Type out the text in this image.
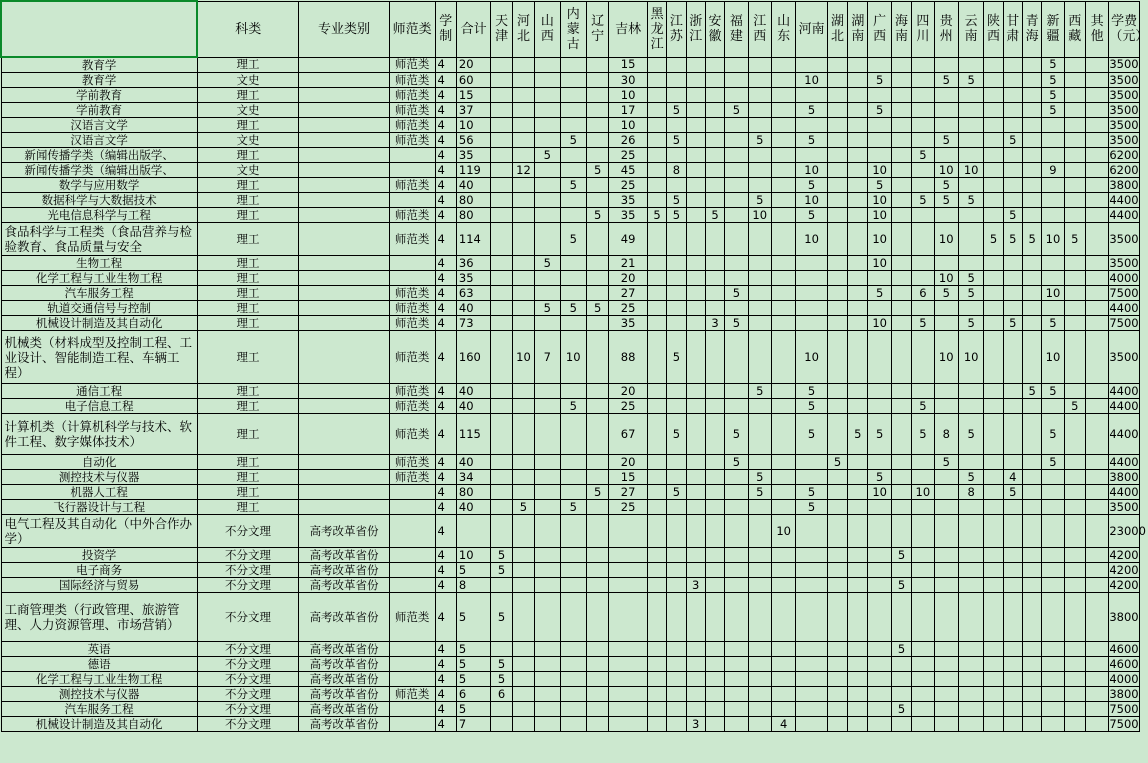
	科类	专业类别	师范类	学制	合计	天津	河北	山西	内蒙古	辽宁	吉林	黑龙江	江苏	浙江	安徽	福建	江西	山东	河南	湖北	湖南	广西	海南	四川	贵州	云南	陕西	甘肃	青海	新疆	西藏	其他	学费（元）
教育学	理工		师范类	4	20						15																			5			3500
教育学	文史		师范类	4	60						30								10			5			5	5				5			3500
学前教育	理工		师范类	4	15						10																			5			3500
学前教育	文史		师范类	4	37						17		5			5			5			5								5			3500
汉语言文学	理工		师范类	4	10						10																						3500
汉语言文学	文史		师范类	4	56				5		26		5				5		5						5			5					3500
新闻传播学类（编辑出版学、	理工			4	35			5			25													5									6200
新闻传播学类（编辑出版学、	文史			4	119		12			5	45		8						10			10			10	10				9			6200
数学与应用数学	理工		师范类	4	40				5		25								5			5			5								3800
数据科学与大数据技术	理工			4	80						35		5				5		10			10		5	5	5							4400
光电信息科学与工程	理工		师范类	4	80					5	35	5	5		5		10		5			10						5					4400
食品科学与工程类（食品营养与检验教育、食品质量与安全	理工		师范类	4	114				5		49								10			10			10		5	5	5	10	5		3500
生物工程	理工			4	36			5			21											10											3500
化学工程与工业生物工程	理工			4	35						20														10	5							4000
汽车服务工程	理工		师范类	4	63						27					5						5		6	5	5				10			7500
轨道交通信号与控制	理工		师范类	4	40			5	5	5	25																						4400
机械设计制造及其自动化	理工		师范类	4	73						35				3	5						10		5		5		5		5			7500
机械类（材料成型及控制工程、工业设计、智能制造工程、车辆工程）	理工		师范类	4	160		10	7	10		88		5						10						10	10				10			3500
通信工程	理工		师范类	4	40						20						5		5										5	5			4400
电子信息工程	理工		师范类	4	40				5		25								5					5							5		4400
计算机类（计算机科学与技术、软件工程、数字媒体技术）	理工		师范类	4	115						67		5			5			5		5	5		5	8	5				5			4400
自动化	理工		师范类	4	40						20					5				5					5					5			4400
测控技术与仪器	理工		师范类	4	34						15						5					5				5		4					3800
机器人工程	理工			4	80					5	27		5				5		5			10		10		8		5					4400
飞行器设计与工程	理工			4	40		5		5		25								5														3500
电气工程及其自动化（中外合作办学）	不分文理	高考改革省份		4														10															23000
投资学	不分文理	高考改革省份		4	10	5																	5										4200
电子商务	不分文理	高考改革省份		4	5	5																											4200
国际经济与贸易	不分文理	高考改革省份		4	8									3									5										4200
工商管理类（行政管理、旅游管理、人力资源管理、市场营销）	不分文理	高考改革省份	师范类	4	5	5																											3800
英语	不分文理	高考改革省份		4	5																		5										4600
德语	不分文理	高考改革省份		4	5	5																											4600
化学工程与工业生物工程	不分文理	高考改革省份		4	5	5																											4000
测控技术与仪器	不分文理	高考改革省份	师范类	4	6	6																											3800
汽车服务工程	不分文理	高考改革省份		4	5																		5										7500
机械设计制造及其自动化	不分文理	高考改革省份		4	7									3				4															7500
